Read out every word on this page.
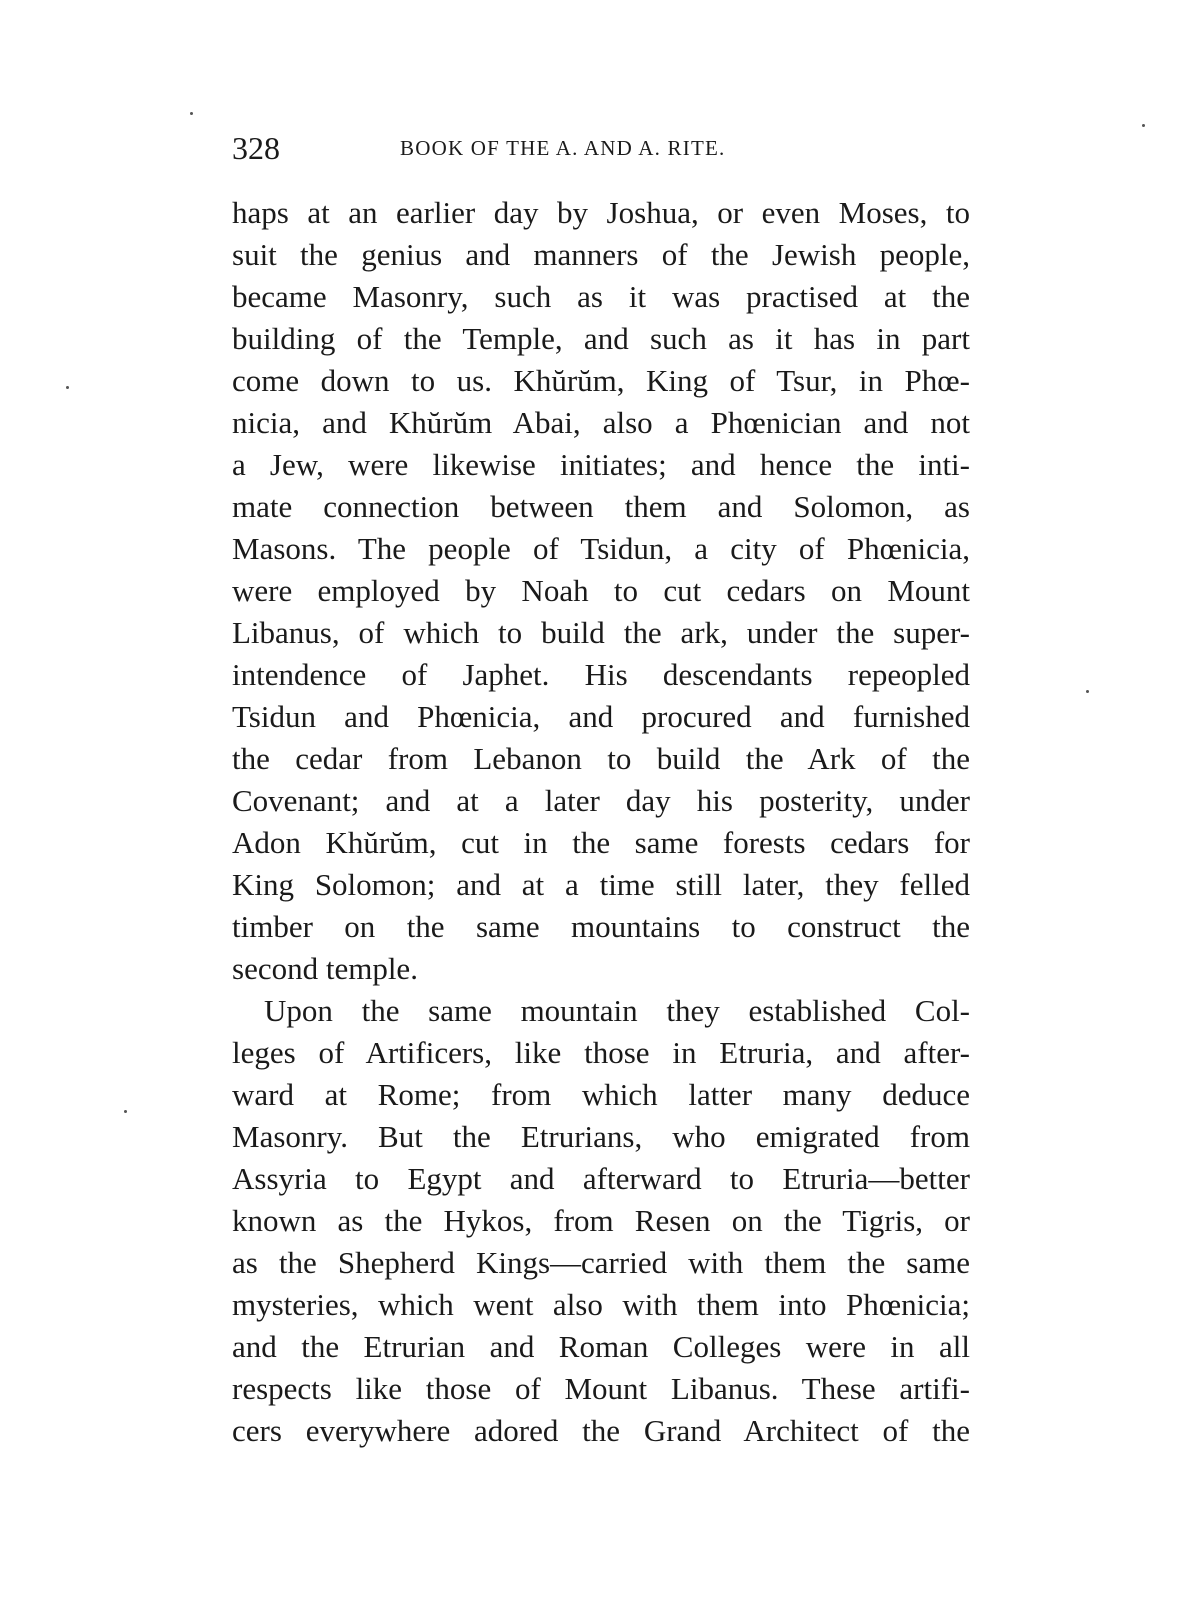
328	BOOK OF THE A. AND A. RITE.
haps at an earlier day by Joshua, or even Moses, to
suit the genius and manners of the Jewish people,
became Masonry, such as it was practised at the
building of the Temple, and such as it has in part
come down to us. Khŭrŭm, King of Tsur, in Phœ-
nicia, and Khŭrŭm Abai, also a Phœnician and not
a Jew, were likewise initiates; and hence the inti-
mate connection between them and Solomon, as
Masons. The people of Tsidun, a city of Phœnicia,
were employed by Noah to cut cedars on Mount
Libanus, of which to build the ark, under the super-
intendence of Japhet. His descendants repeopled
Tsidun and Phœnicia, and procured and furnished
the cedar from Lebanon to build the Ark of the
Covenant; and at a later day his posterity, under
Adon Khŭrŭm, cut in the same forests cedars for
King Solomon; and at a time still later, they felled
timber on the same mountains to construct the
second temple.
Upon the same mountain they established Col-
leges of Artificers, like those in Etruria, and after-
ward at Rome; from which latter many deduce
Masonry. But the Etrurians, who emigrated from
Assyria to Egypt and afterward to Etruria—better
known as the Hykos, from Resen on the Tigris, or
as the Shepherd Kings—carried with them the same
mysteries, which went also with them into Phœnicia;
and the Etrurian and Roman Colleges were in all
respects like those of Mount Libanus. These artifi-
cers everywhere adored the Grand Architect of the
